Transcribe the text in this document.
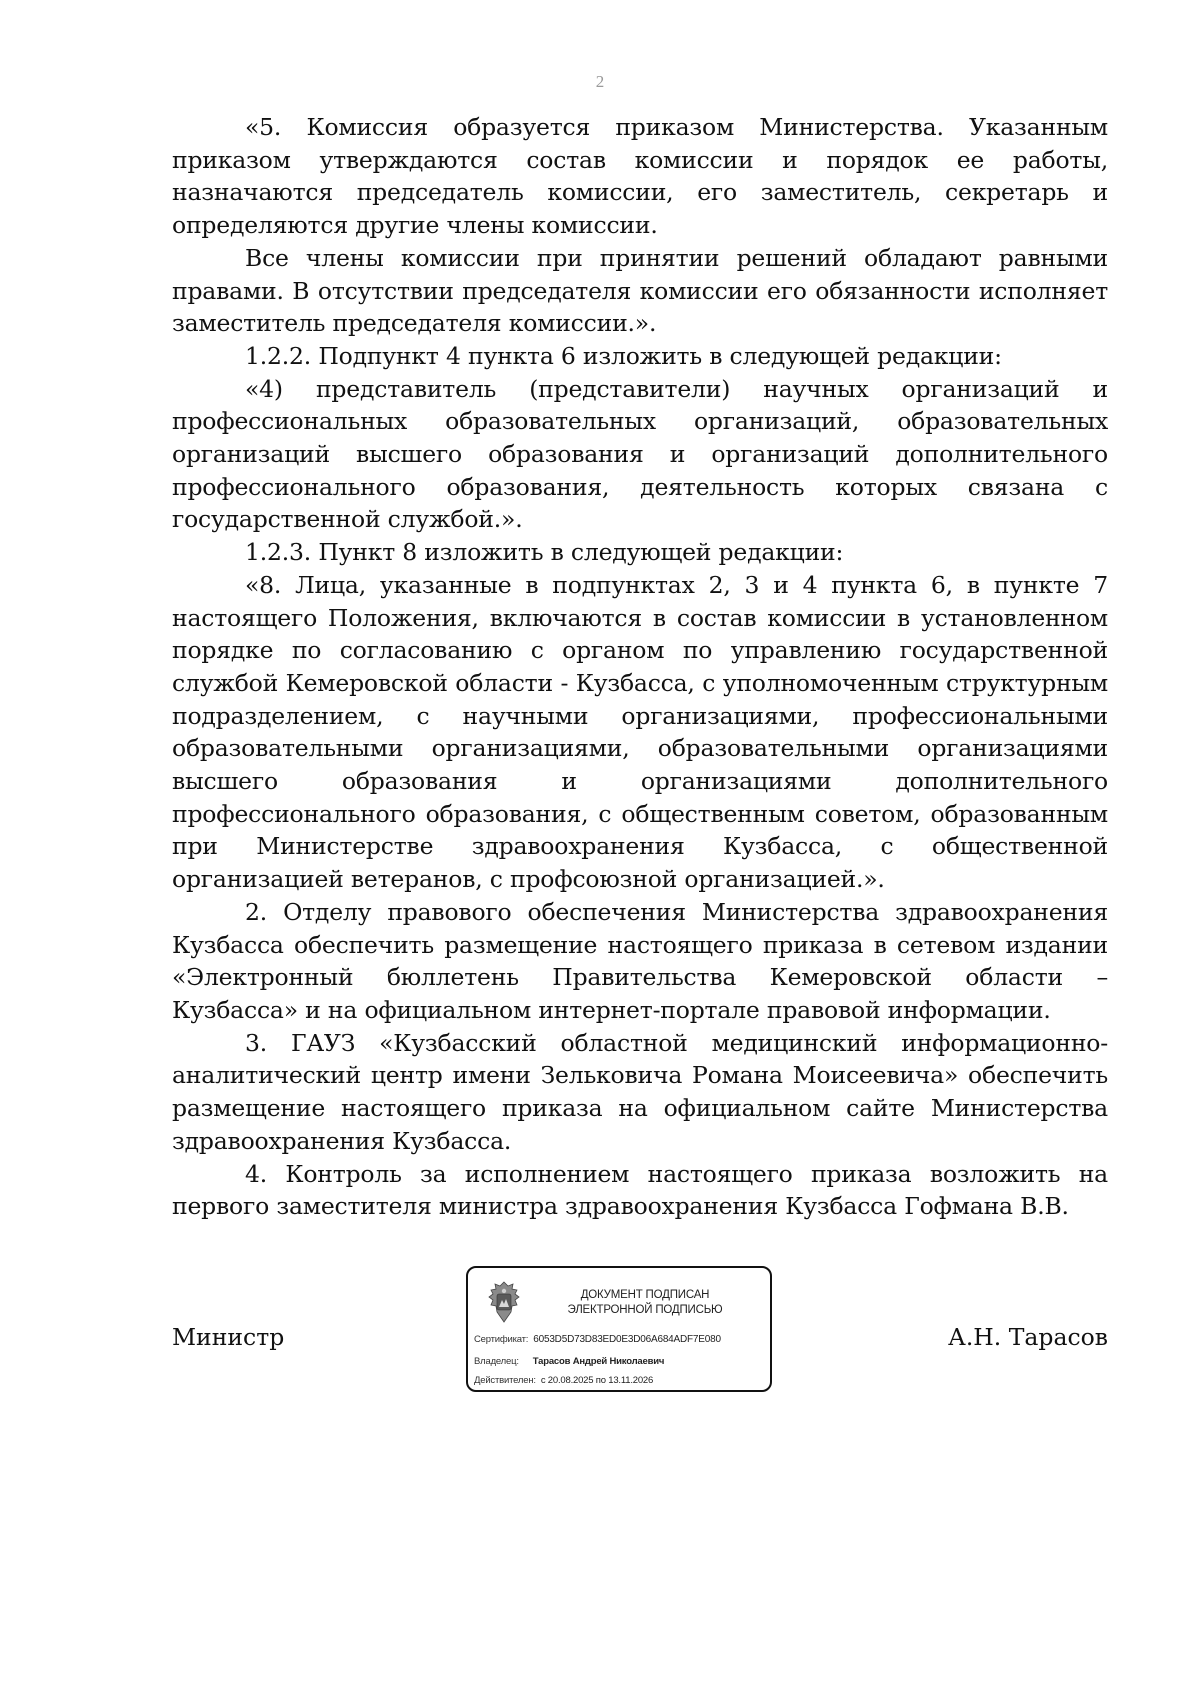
2

«5. Комиссия образуется приказом Министерства. Указанным приказом утверждаются состав комиссии и порядок ее работы, назначаются председатель комиссии, его заместитель, секретарь и определяются другие члены комиссии.

Все члены комиссии при принятии решений обладают равными правами. В отсутствии председателя комиссии его обязанности исполняет заместитель председателя комиссии.».

1.2.2. Подпункт 4 пункта 6 изложить в следующей редакции:

«4) представитель (представители) научных организаций и профессиональных образовательных организаций, образовательных организаций высшего образования и организаций дополнительного профессионального образования, деятельность которых связана с государственной службой.».

1.2.3. Пункт 8 изложить в следующей редакции:

«8. Лица, указанные в подпунктах 2, 3 и 4 пункта 6, в пункте 7 настоящего Положения, включаются в состав комиссии в установленном порядке по согласованию с органом по управлению государственной службой Кемеровской области - Кузбасса, с уполномоченным структурным подразделением, с научными организациями, профессиональными образовательными организациями, образовательными организациями высшего образования и организациями дополнительного профессионального образования, с общественным советом, образованным при Министерстве здравоохранения Кузбасса, с общественной организацией ветеранов, с профсоюзной организацией.».

2. Отделу правового обеспечения Министерства здравоохранения Кузбасса обеспечить размещение настоящего приказа в сетевом издании «Электронный бюллетень Правительства Кемеровской области – Кузбасса» и на официальном интернет-портале правовой информации.

3. ГАУЗ «Кузбасский областной медицинский информационно-аналитический центр имени Зельковича Романа Моисеевича» обеспечить размещение настоящего приказа на официальном сайте Министерства здравоохранения Кузбасса.

4. Контроль за исполнением настоящего приказа возложить на первого заместителя министра здравоохранения Кузбасса Гофмана В.В.

Министр
ДОКУМЕНТ ПОДПИСАН
ЭЛЕКТРОННОЙ ПОДПИСЬЮ
Сертификат: 6053D5D73D83ED0E3D06A684ADF7E080
Владелец: Тарасов Андрей Николаевич
Действителен: с 20.08.2025 по 13.11.2026
А.Н. Тарасов
